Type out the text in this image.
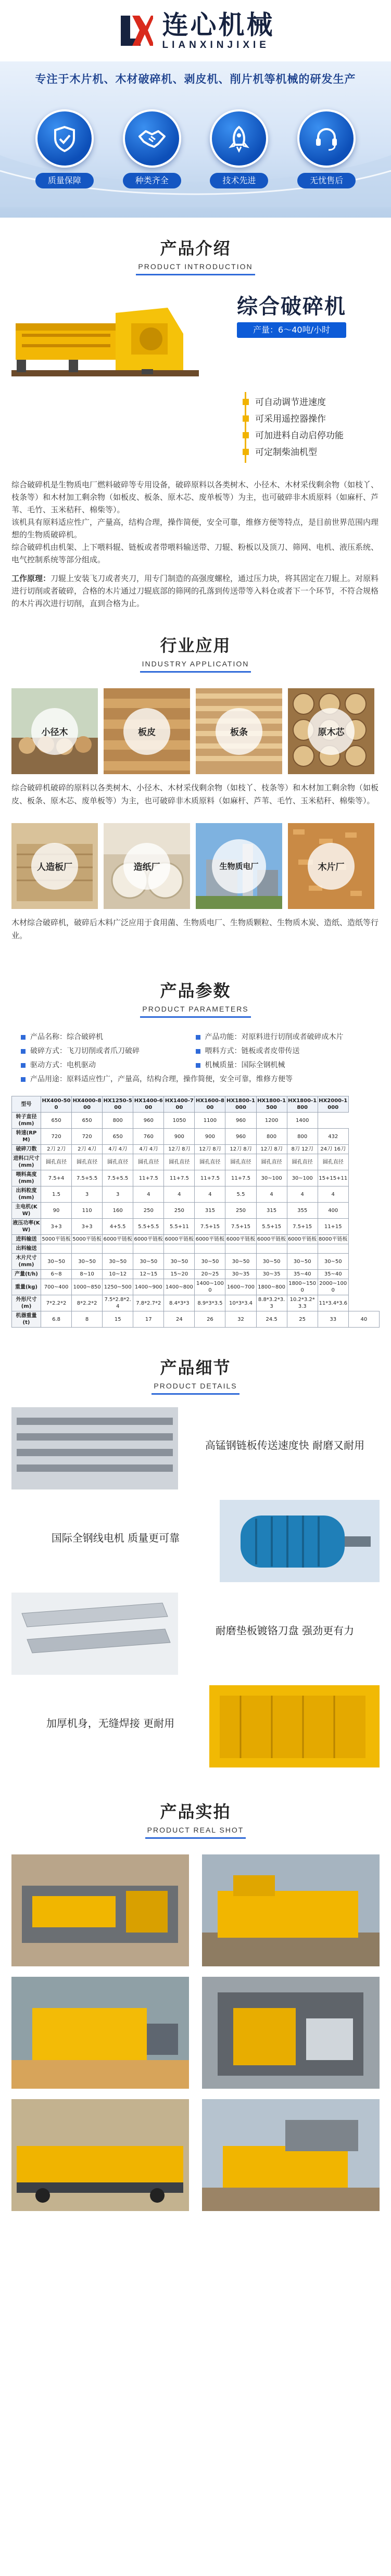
连心机械
LIANXINJIXIE
专注于木片机、木材破碎机、剥皮机、削片机等机械的研发生产
质量保障	种类齐全	技术先进	无忧售后
产品介绍
PRODUCT INTRODUCTION
综合破碎机
产量：6～40吨/小时
可自动调节进速度
可采用遥控器操作
可加进料自动启停功能
可定制柴油机型

综合破碎机是生物质电厂燃料破碎等专用设备，破碎原料以各类树木、小径木、木材采伐剩余物（如枝丫、枝条等）和木材加工剩余物（如板皮、板条、原木芯、废单板等）为主，也可破碎非木质原料（如麻杆、芦苇、毛竹、玉米秸秆、棉柴等）。

该机具有原料适应性广，产量高，结构合理，操作简便，安全可靠，维修方便等特点，是目前世界范围内理想的生物质破碎机。

综合破碎机由机架、上下喂料辊、链板或者带喂料输送带、刀辊、粉板以及顶刀、筛网、电机、液压系统、电气控制系统等部分组成。

工作原理：刀辊上安装飞刀或者夹刀，用专门制造的高强度螺栓，通过压力块，将其固定在刀辊上。对原料进行切削或者破碎，合格的木片通过刀辊底部的筛网的孔落到传送带等入料仓或者下一个环节，不符合规格的木片再次进行切削，直到合格为止。

行业应用
INDUSTRY APPLICATION
小径木	板皮	板条	原木芯
综合破碎机破碎的原料以各类树木、小径木、木材采伐剩余物（如枝丫、枝条等）和木材加工剩余物（如板皮、板条、原木芯、废单板等）为主，也可破碎非木质原料（如麻杆、芦苇、毛竹、玉米秸秆、棉柴等）。
人造板厂	造纸厂	生物质电厂	木片厂
木材综合破碎机，破碎后木料广泛应用于食用菌、生物质电厂、生物质颗粒、生物质木炭、造纸、造纸等行业。
产品参数
PRODUCT PARAMETERS
产品名称：综合破碎机	产品功能：对原料进行切削或者破碎成木片
破碎方式：飞刀切削或者爪刀破碎	喂料方式：链板或者皮带传送
驱动方式：电机驱动	机械质量：国际全钢机械
产品用途：原料适应性广，产量高，结构合理，操作简便，安全可靠，维修方便等
型号	HX400-500	HX4000-800	HX1250-500	HX1400-600	HX1400-700	HX1600-800	HX1800-1000	HX1800-1500	HX1800-1800	HX2000-1000	
转子直径(mm)	650	650	800	960	1050	1100	960	1200	1400		
转速(RPM)	720	720	650	760	900	900	960	800	800	432	
破碎刀数	2刀 2刀	2刀 4刀	4刀 4刀	4刀 4刀	12刀 8刀	12刀 8刀	12刀 8刀	12刀 8刀	8刀 12刀	24刀 16刀	
进料口尺寸(mm)	圆孔直径	圆孔直径	圆孔直径	圆孔直径	圆孔直径	圆孔直径	圆孔直径	圆孔直径	圆孔直径	圆孔直径	
喂料高度(mm)	7.5+4	7.5+5.5	7.5+5.5	11+7.5	11+7.5	11+7.5	11+7.5	30~100	30~100	15+15+11	
出料粒度(mm)	1.5	3	3	4	4	4	5.5	4	4	4	
主电机(KW)	90	110	160	250	250	315	250	315	355	400	
液压功率(KW)	3+3	3+3	4+5.5	5.5+5.5	5.5+11	7.5+15	7.5+15	5.5+15	7.5+15	11+15	
进料输送	5000平链板	5000平链板	6000平链板	6000平链板	6000平链板	6000平链板	6000平链板	6000平链板	6000平链板	8000平链板	
出料输送											
木片尺寸(mm)	30~50	30~50	30~50	30~50	30~50	30~50	30~50	30~50	30~50	30~50	
产量(t/h)	6~8	8~10	10~12	12~15	15~20	20~25	30~35	30~35	35~40	35~40	
重量(kg)	700~400	1000~850	1250~500	1400~900	1400~800	1400~1000	1600~700	1800~800	1800~1500	2000~1000	
外形尺寸(m)	7*2.2*2	8*2.2*2	7.5*2.8*2.4	7.8*2.7*2	8.4*3*3	8.9*3*3.5	10*3*3.4	8.8*3.2*3.3	10.2*3.2*3.3	11*3.4*3.6	
机器重量(t)	6.8	8	15	17	24	26	32	24.5	25	33	40
产品细节
PRODUCT DETAILS
高锰钢链板传送速度快 耐磨又耐用
国际全钢线电机 质量更可靠
耐磨垫板镀铬刀盘 强劲更有力
加厚机身，无缝焊接 更耐用
产品实拍
PRODUCT REAL SHOT
